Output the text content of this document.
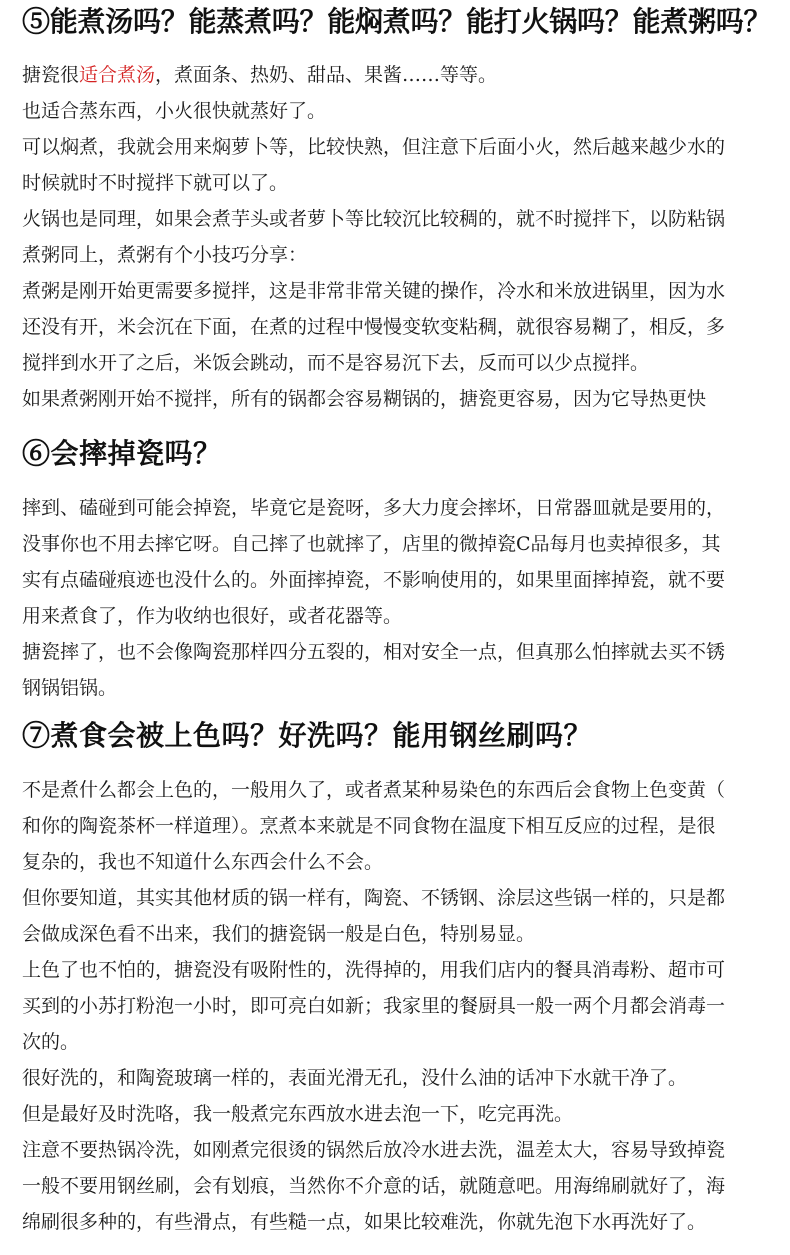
⑤能煮汤吗？能蒸煮吗？能焖煮吗？能打火锅吗？能煮粥吗？

搪瓷很适合煮汤，煮面条、热奶、甜品、果酱……等等。

也适合蒸东西，小火很快就蒸好了。

可以焖煮，我就会用来焖萝卜等，比较快熟，但注意下后面小火，然后越来越少水的

时候就时不时搅拌下就可以了。

火锅也是同理，如果会煮芋头或者萝卜等比较沉比较稠的，就不时搅拌下，以防粘锅

煮粥同上，煮粥有个小技巧分享：

煮粥是刚开始更需要多搅拌，这是非常非常关键的操作，冷水和米放进锅里，因为水

还没有开，米会沉在下面，在煮的过程中慢慢变软变粘稠，就很容易糊了，相反，多

搅拌到水开了之后，米饭会跳动，而不是容易沉下去，反而可以少点搅拌。

如果煮粥刚开始不搅拌，所有的锅都会容易糊锅的，搪瓷更容易，因为它导热更快

⑥会摔掉瓷吗？

摔到、磕碰到可能会掉瓷，毕竟它是瓷呀，多大力度会摔坏，日常器皿就是要用的，

没事你也不用去摔它呀。自己摔了也就摔了，店里的微掉瓷C品每月也卖掉很多，其

实有点磕碰痕迹也没什么的。外面摔掉瓷，不影响使用的，如果里面摔掉瓷，就不要

用来煮食了，作为收纳也很好，或者花器等。

搪瓷摔了，也不会像陶瓷那样四分五裂的，相对安全一点，但真那么怕摔就去买不锈

钢锅铝锅。

⑦煮食会被上色吗？好洗吗？能用钢丝刷吗？

不是煮什么都会上色的，一般用久了，或者煮某种易染色的东西后会食物上色变黄（

和你的陶瓷茶杯一样道理）。烹煮本来就是不同食物在温度下相互反应的过程，是很

复杂的，我也不知道什么东西会什么不会。

但你要知道，其实其他材质的锅一样有，陶瓷、不锈钢、涂层这些锅一样的，只是都

会做成深色看不出来，我们的搪瓷锅一般是白色，特别易显。

上色了也不怕的，搪瓷没有吸附性的，洗得掉的，用我们店内的餐具消毒粉、超市可

买到的小苏打粉泡一小时，即可亮白如新；我家里的餐厨具一般一两个月都会消毒一

次的。

很好洗的，和陶瓷玻璃一样的，表面光滑无孔，没什么油的话冲下水就干净了。

但是最好及时洗咯，我一般煮完东西放水进去泡一下，吃完再洗。

注意不要热锅冷洗，如刚煮完很烫的锅然后放冷水进去洗，温差太大，容易导致掉瓷

一般不要用钢丝刷，会有划痕，当然你不介意的话，就随意吧。用海绵刷就好了，海

绵刷很多种的，有些滑点，有些糙一点，如果比较难洗，你就先泡下水再洗好了。
